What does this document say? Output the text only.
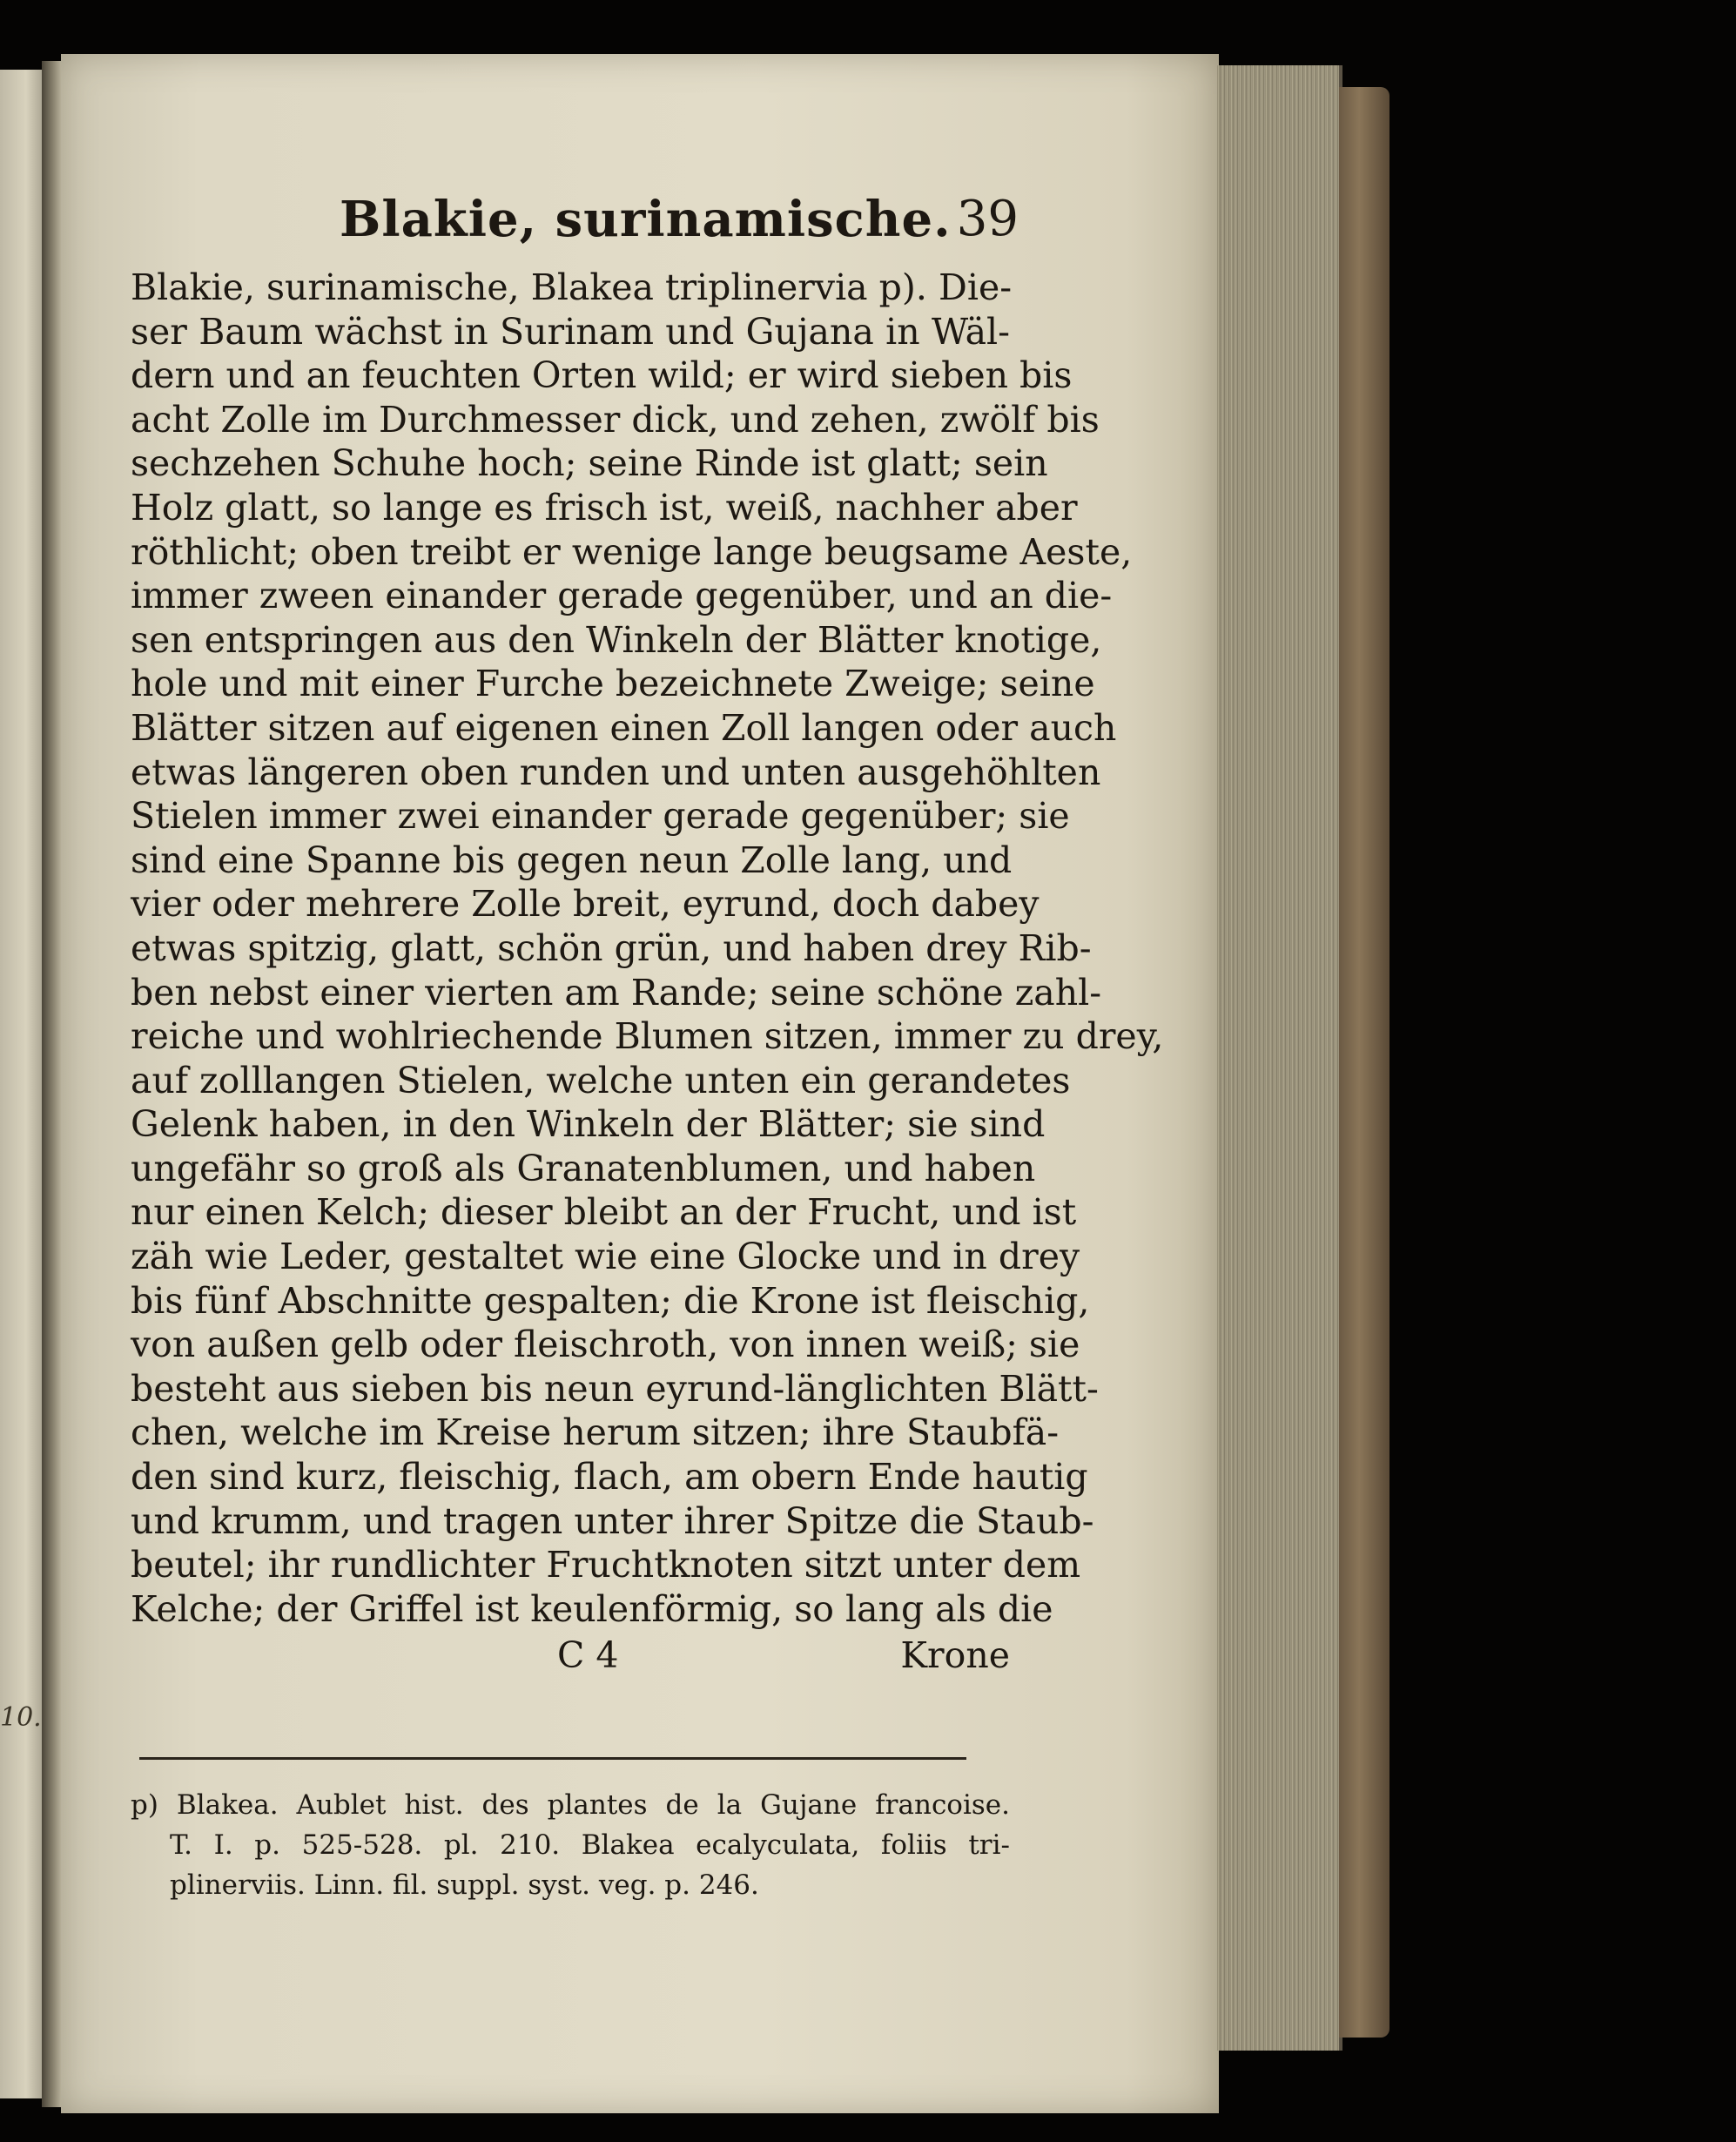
10.
Blakie, surinamische. 39
Blakie, surinamische, Blakea triplinervia p). Die-
ser Baum wächst in Surinam und Gujana in Wäl-
dern und an feuchten Orten wild; er wird sieben bis
acht Zolle im Durchmesser dick, und zehen, zwölf bis
sechzehen Schuhe hoch; seine Rinde ist glatt; sein
Holz glatt, so lange es frisch ist, weiß, nachher aber
röthlicht; oben treibt er wenige lange beugsame Aeste,
immer zween einander gerade gegenüber, und an die-
sen entspringen aus den Winkeln der Blätter knotige,
hole und mit einer Furche bezeichnete Zweige; seine
Blätter sitzen auf eigenen einen Zoll langen oder auch
etwas längeren oben runden und unten ausgehöhlten
Stielen immer zwei einander gerade gegenüber; sie
sind eine Spanne bis gegen neun Zolle lang, und
vier oder mehrere Zolle breit, eyrund, doch dabey
etwas spitzig, glatt, schön grün, und haben drey Rib-
ben nebst einer vierten am Rande; seine schöne zahl-
reiche und wohlriechende Blumen sitzen, immer zu drey,
auf zolllangen Stielen, welche unten ein gerandetes
Gelenk haben, in den Winkeln der Blätter; sie sind
ungefähr so groß als Granatenblumen, und haben
nur einen Kelch; dieser bleibt an der Frucht, und ist
zäh wie Leder, gestaltet wie eine Glocke und in drey
bis fünf Abschnitte gespalten; die Krone ist fleischig,
von außen gelb oder fleischroth, von innen weiß; sie
besteht aus sieben bis neun eyrund-länglichten Blätt-
chen, welche im Kreise herum sitzen; ihre Staubfä-
den sind kurz, fleischig, flach, am obern Ende hautig
und krumm, und tragen unter ihrer Spitze die Staub-
beutel; ihr rundlichter Fruchtknoten sitzt unter dem
Kelche; der Griffel ist keulenförmig, so lang als die
C 4	Krone
p) Blakea. Aublet hist. des plantes de la Gujane francoise.
T. I. p. 525-528. pl. 210. Blakea ecalyculata, foliis tri-
plinerviis. Linn. fil. suppl. syst. veg. p. 246.
